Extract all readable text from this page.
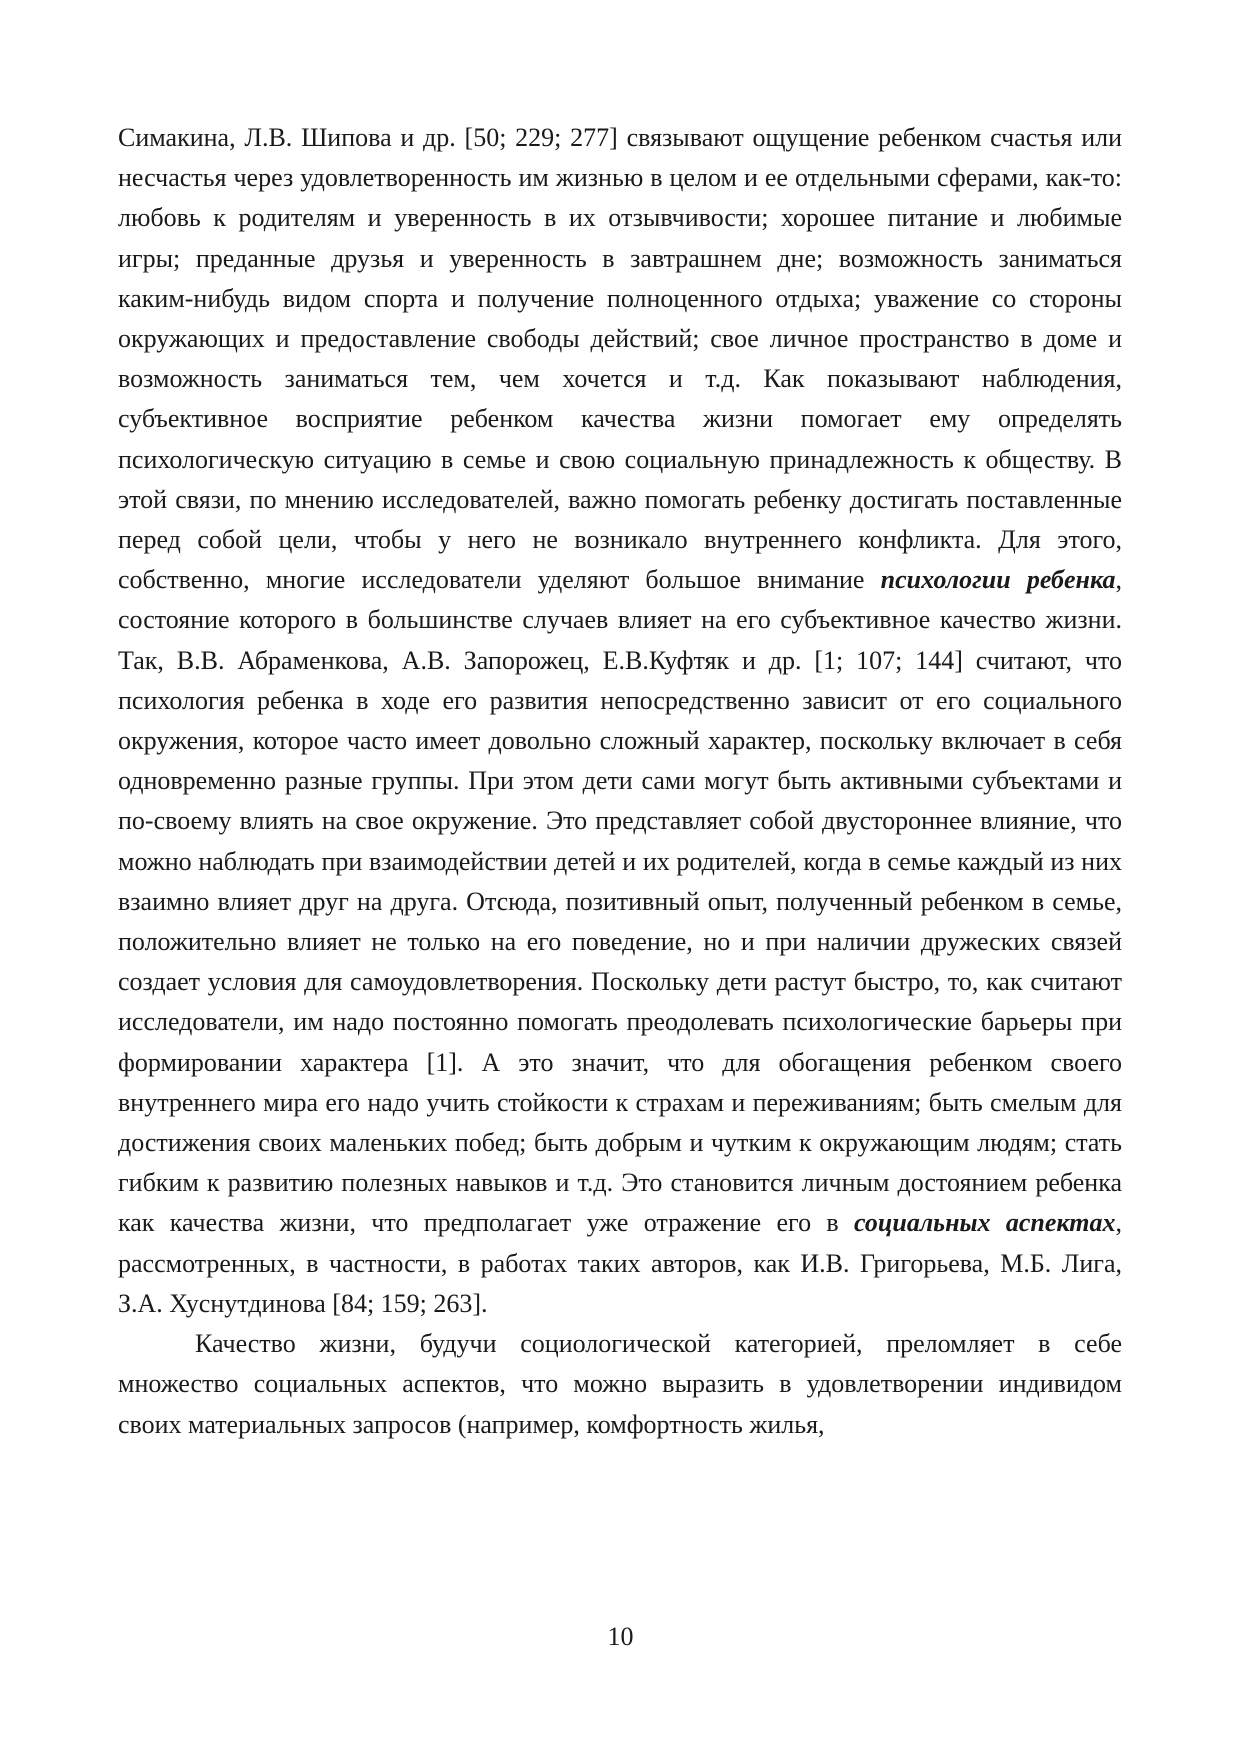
Симакина, Л.В. Шипова и др. [50; 229; 277] связывают ощущение ребенком счастья или несчастья через удовлетворенность им жизнью в целом и ее отдельными сферами, как-то: любовь к родителям и уверенность в их отзывчивости; хорошее питание и любимые игры; преданные друзья и уверенность в завтрашнем дне; возможность заниматься каким-нибудь видом спорта и получение полноценного отдыха; уважение со стороны окружающих и предоставление свободы действий; свое личное пространство в доме и возможность заниматься тем, чем хочется и т.д. Как показывают наблюдения, субъективное восприятие ребенком качества жизни помогает ему определять психологическую ситуацию в семье и свою социальную принадлежность к обществу. В этой связи, по мнению исследователей, важно помогать ребенку достигать поставленные перед собой цели, чтобы у него не возникало внутреннего конфликта. Для этого, собственно, многие исследователи уделяют большое внимание психологии ребенка, состояние которого в большинстве случаев влияет на его субъективное качество жизни. Так, В.В. Абраменкова, А.В. Запорожец, Е.В.Куфтяк и др. [1; 107; 144] считают, что психология ребенка в ходе его развития непосредственно зависит от его социального окружения, которое часто имеет довольно сложный характер, поскольку включает в себя одновременно разные группы. При этом дети сами могут быть активными субъектами и по-своему влиять на свое окружение. Это представляет собой двустороннее влияние, что можно наблюдать при взаимодействии детей и их родителей, когда в семье каждый из них взаимно влияет друг на друга. Отсюда, позитивный опыт, полученный ребенком в семье, положительно влияет не только на его поведение, но и при наличии дружеских связей создает условия для самоудовлетворения. Поскольку дети растут быстро, то, как считают исследователи, им надо постоянно помогать преодолевать психологические барьеры при формировании характера [1]. А это значит, что для обогащения ребенком своего внутреннего мира его надо учить стойкости к страхам и переживаниям; быть смелым для достижения своих маленьких побед; быть добрым и чутким к окружающим людям; стать гибким к развитию полезных навыков и т.д. Это становится личным достоянием ребенка как качества жизни, что предполагает уже отражение его в социальных аспектах, рассмотренных, в частности, в работах таких авторов, как И.В. Григорьева, М.Б. Лига, З.А. Хуснутдинова [84; 159; 263].

Качество жизни, будучи социологической категорией, преломляет в себе множество социальных аспектов, что можно выразить в удовлетворении индивидом своих материальных запросов (например, комфортность жилья,

10
